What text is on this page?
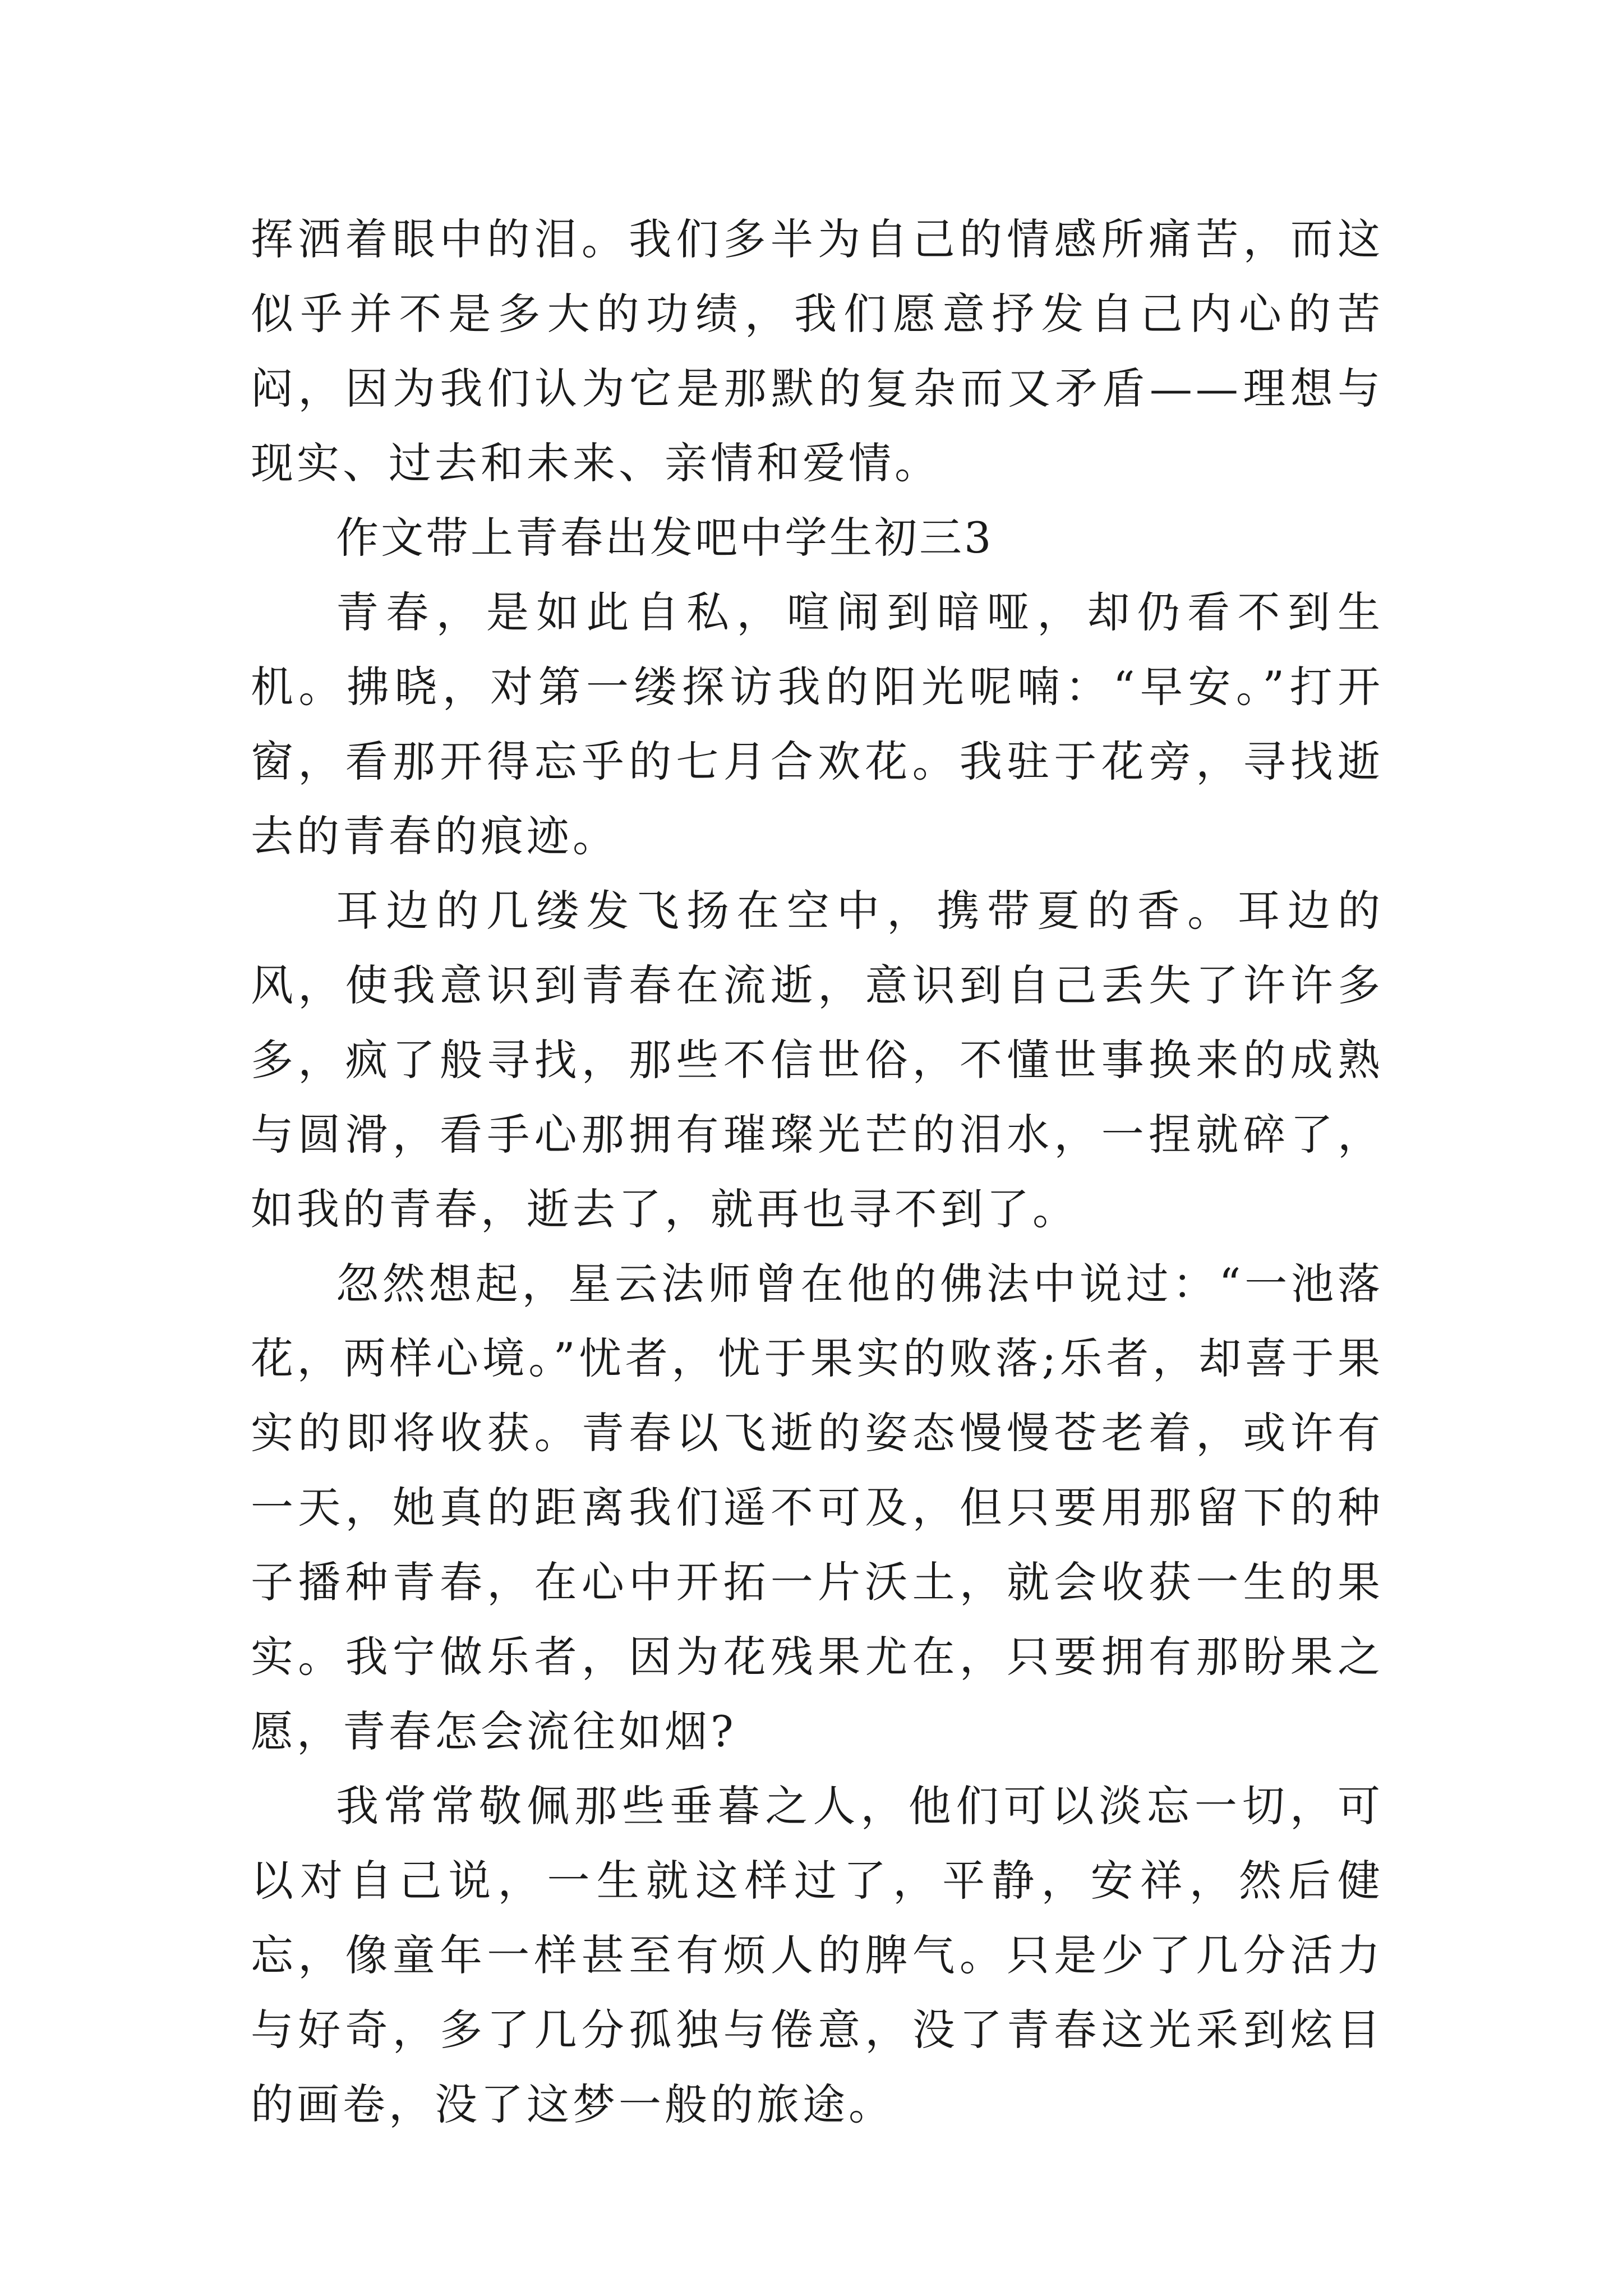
挥洒着眼中的泪。我们多半为自己的情感所痛苦，而这似乎并不是多大的功绩，我们愿意抒发自己内心的苦闷，因为我们认为它是那默的复杂而又矛盾——理想与现实、过去和未来、亲情和爱情。

作文带上青春出发吧中学生初三3

青春，是如此自私，喧闹到暗哑，却仍看不到生机。拂晓，对第一缕探访我的阳光呢喃：“早安。”打开窗，看那开得忘乎的七月合欢花。我驻于花旁，寻找逝去的青春的痕迹。

耳边的几缕发飞扬在空中，携带夏的香。耳边的风，使我意识到青春在流逝，意识到自己丢失了许许多多，疯了般寻找，那些不信世俗，不懂世事换来的成熟与圆滑，看手心那拥有璀璨光芒的泪水，一捏就碎了，如我的青春，逝去了，就再也寻不到了。

忽然想起，星云法师曾在他的佛法中说过：“一池落花，两样心境。”忧者，忧于果实的败落;乐者，却喜于果实的即将收获。青春以飞逝的姿态慢慢苍老着，或许有一天，她真的距离我们遥不可及，但只要用那留下的种子播种青春，在心中开拓一片沃土，就会收获一生的果实。我宁做乐者，因为花残果尤在，只要拥有那盼果之愿，青春怎会流往如烟?

我常常敬佩那些垂暮之人，他们可以淡忘一切，可以对自己说，一生就这样过了，平静，安祥，然后健忘，像童年一样甚至有烦人的脾气。只是少了几分活力与好奇，多了几分孤独与倦意，没了青春这光采到炫目的画卷，没了这梦一般的旅途。
